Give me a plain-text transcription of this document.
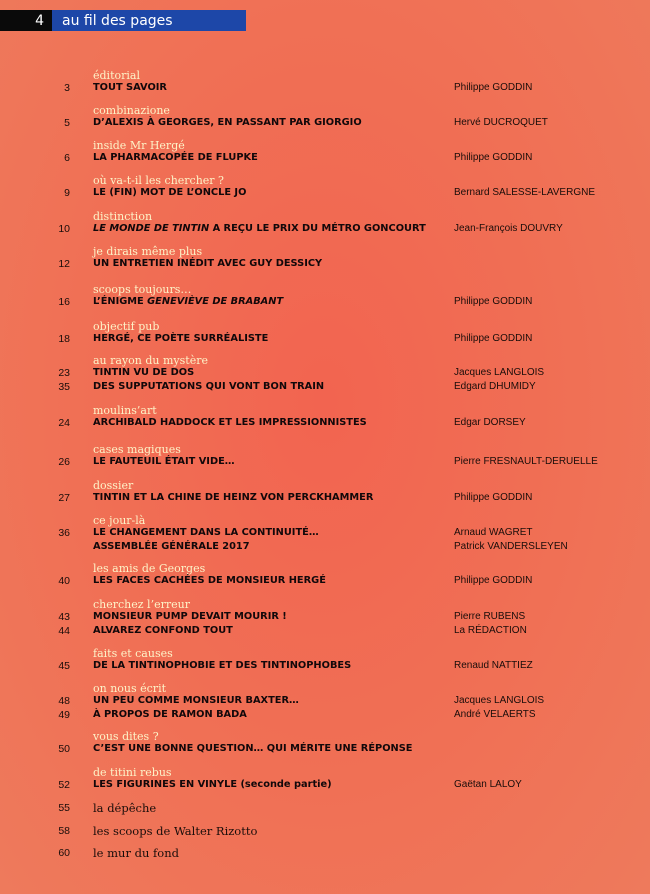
4	au fil des pages
éditorial
3 TOUT SAVOIR	Philippe GODDIN
combinazione
5 D’ALEXIS À GEORGES, EN PASSANT PAR GIORGIO	Hervé DUCROQUET
inside Mr Hergé
6 LA PHARMACOPÉE DE FLUPKE	Philippe GODDIN
où va-t-il les chercher ?
9 LE (FIN) MOT DE L’ONCLE JO	Bernard SALESSE-LAVERGNE
distinction
10 LE MONDE DE TINTIN A REÇU LE PRIX DU MÉTRO GONCOURT	Jean-François DOUVRY
je dirais même plus
12 UN ENTRETIEN INÉDIT AVEC GUY DESSICY
scoops toujours…
16 L’ÉNIGME GENEVIÈVE DE BRABANT	Philippe GODDIN
objectif pub
18 HERGÉ, CE POÈTE SURRÉALISTE	Philippe GODDIN
au rayon du mystère
23 TINTIN VU DE DOS	Jacques LANGLOIS
35 DES SUPPUTATIONS QUI VONT BON TRAIN	Edgard DHUMIDY
moulins’art
24 ARCHIBALD HADDOCK ET LES IMPRESSIONNISTES	Edgar DORSEY
cases magiques
26 LE FAUTEUIL ÉTAIT VIDE…	Pierre FRESNAULT-DERUELLE
dossier
27 TINTIN ET LA CHINE DE HEINZ VON PERCKHAMMER	Philippe GODDIN
ce jour-là
36 LE CHANGEMENT DANS LA CONTINUITÉ…	Arnaud WAGRET
ASSEMBLÉE GÉNÉRALE 2017	Patrick VANDERSLEYEN
les amis de Georges
40 LES FACES CACHÉES DE MONSIEUR HERGÉ	Philippe GODDIN
cherchez l’erreur
43 MONSIEUR PUMP DEVAIT MOURIR !	Pierre RUBENS
44 ALVAREZ CONFOND TOUT	La RÉDACTION
faits et causes
45 DE LA TINTINOPHOBIE ET DES TINTINOPHOBES	Renaud NATTIEZ
on nous écrit
48 UN PEU COMME MONSIEUR BAXTER…	Jacques LANGLOIS
49 À PROPOS DE RAMON BADA	André VELAERTS
vous dites ?
50 C’EST UNE BONNE QUESTION… QUI MÉRITE UNE RÉPONSE
de titini rebus
52 LES FIGURINES EN VINYLE (seconde partie)	Gaëtan LALOY
55 la dépêche
58 les scoops de Walter Rizotto
60 le mur du fond
